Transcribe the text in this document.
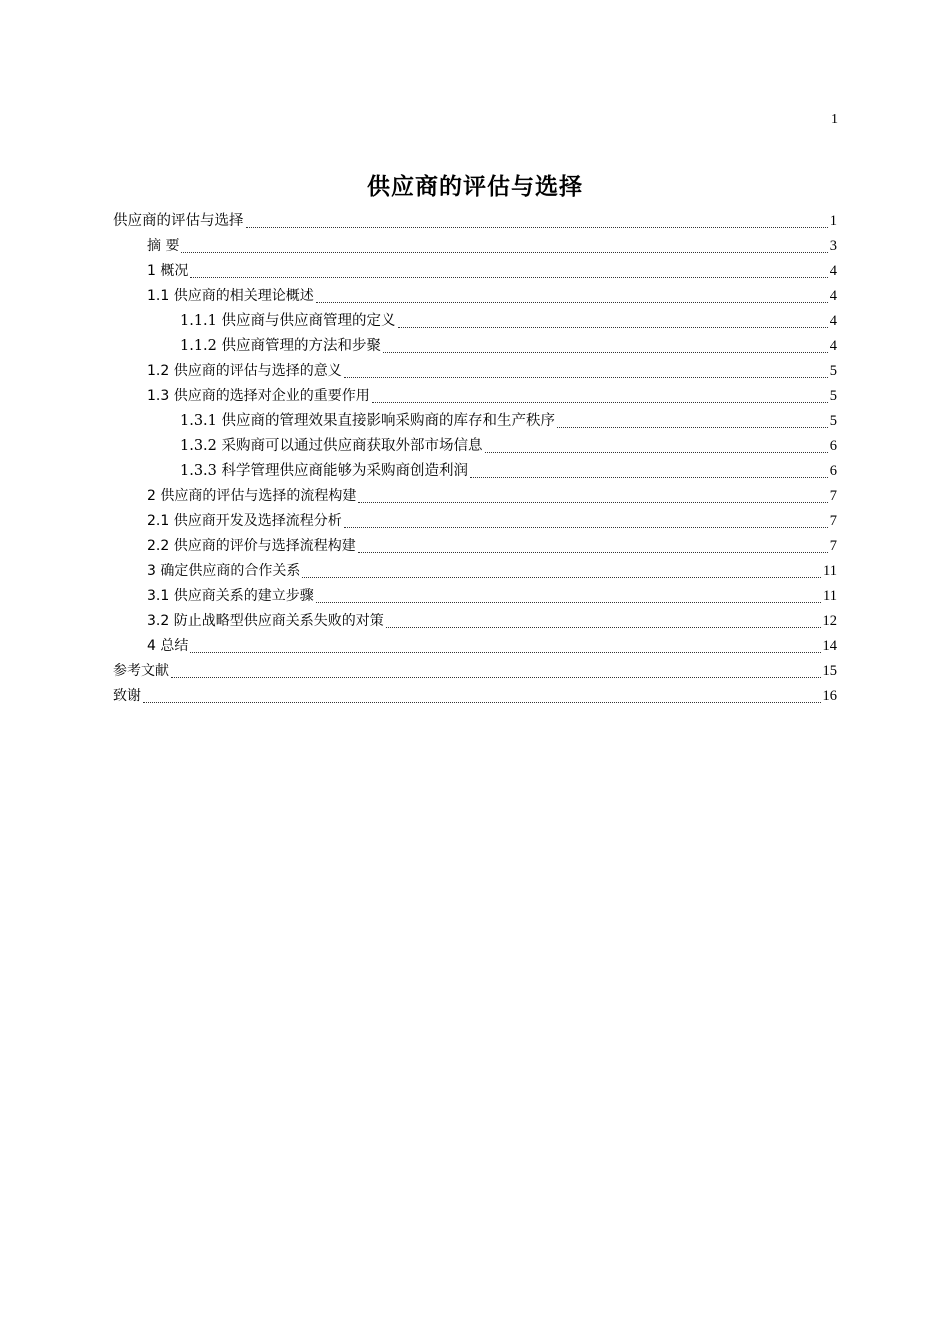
1
供应商的评估与选择
供应商的评估与选择	1
摘 要	3
1 概况	4
1.1 供应商的相关理论概述	4
1.1.1 供应商与供应商管理的定义	4
1.1.2 供应商管理的方法和步聚	4
1.2 供应商的评估与选择的意义	5
1.3 供应商的选择对企业的重要作用	5
1.3.1 供应商的管理效果直接影响采购商的库存和生产秩序	5
1.3.2 采购商可以通过供应商获取外部市场信息	6
1.3.3 科学管理供应商能够为采购商创造利润	6
2 供应商的评估与选择的流程构建	7
2.1 供应商开发及选择流程分析	7
2.2 供应商的评价与选择流程构建	7
3 确定供应商的合作关系	11
3.1 供应商关系的建立步骤	11
3.2 防止战略型供应商关系失败的对策	12
4 总结	14
参考文献	15
致谢	16
